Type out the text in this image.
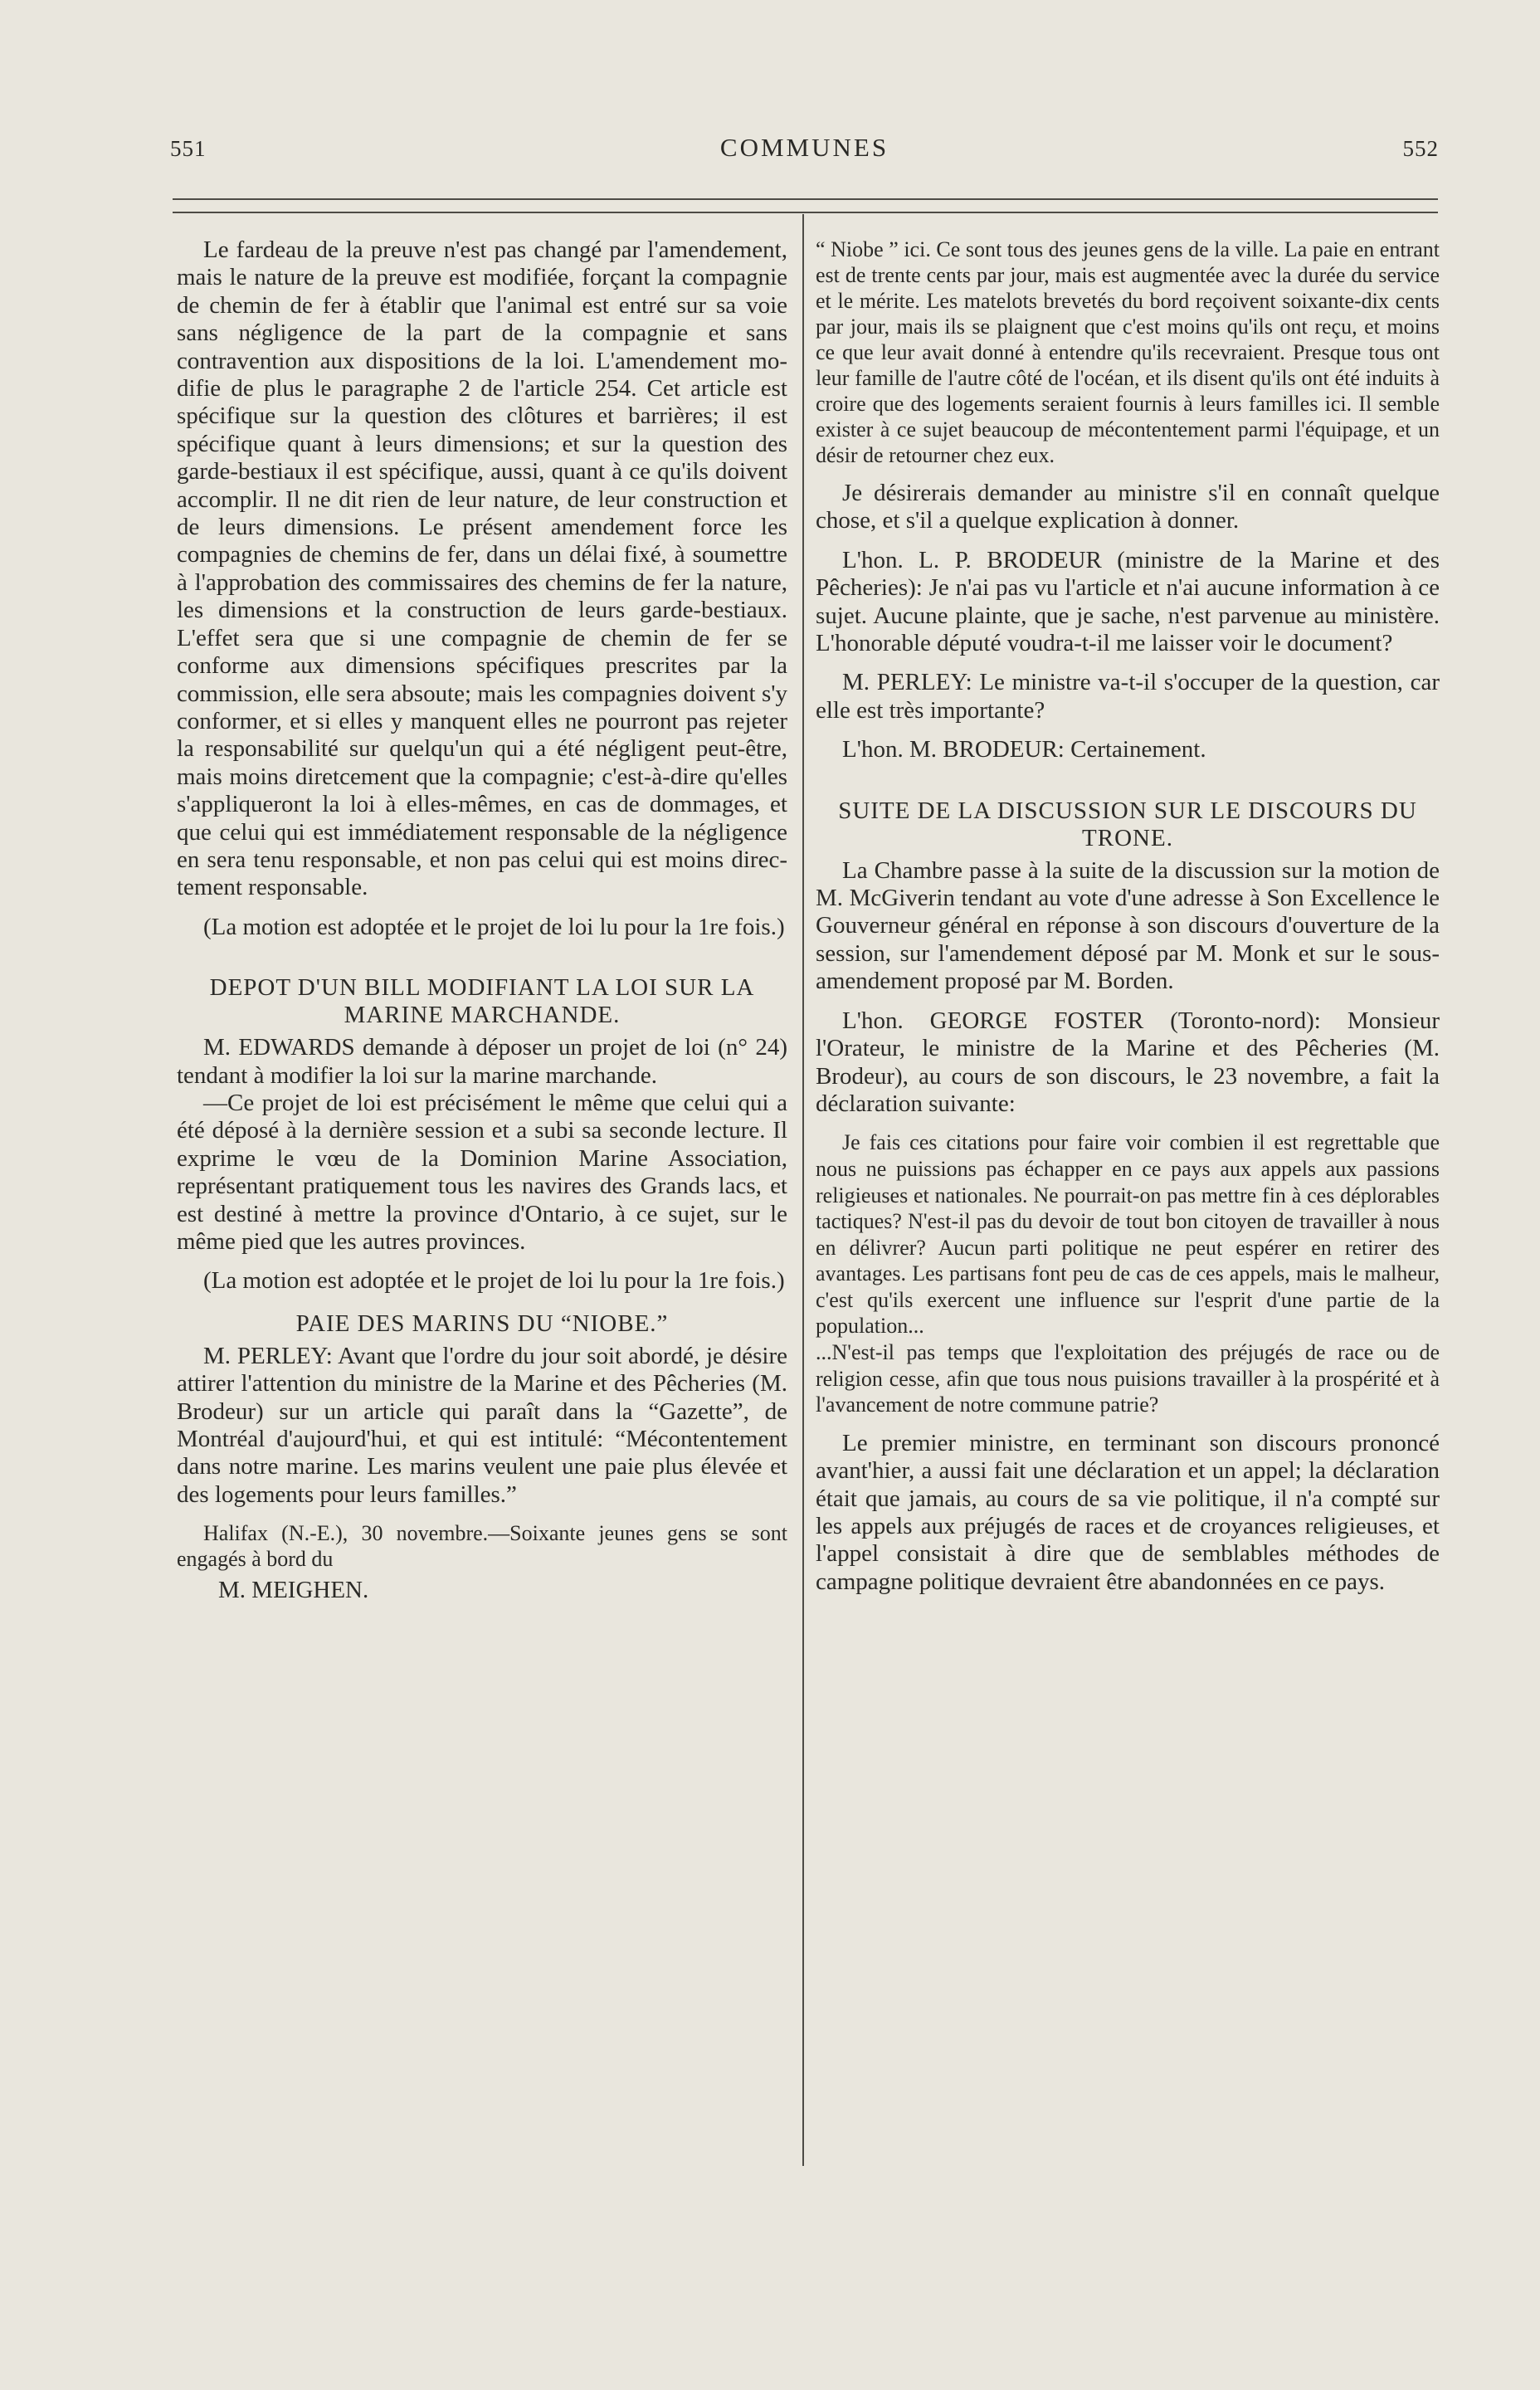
551	COMMUNES	552

Le fardeau de la preuve n'est pas changé par l'amendement, mais le nature de la preuve est modifiée, forçant la compagnie de chemin de fer à établir que l'animal est entré sur sa voie sans négligence de la part de la compagnie et sans contravention aux dispositions de la loi. L'amendement modifie de plus le paragraphe 2 de l'article 254. Cet article est spécifique sur la question des clôtures et barrières; il est spécifique quant à leurs dimensions; et sur la question des garde-bestiaux il est spécifique, aussi, quant à ce qu'ils doivent accomplir. Il ne dit rien de leur nature, de leur construction et de leurs dimensions. Le présent amendement force les compagnies de chemins de fer, dans un délai fixé, à soumettre à l'approbation des commissaires des chemins de fer la nature, les dimensions et la construction de leurs garde-bestiaux. L'effet sera que si une compagnie de chemin de fer se conforme aux dimensions spécifiques prescrites par la commission, elle sera absoute; mais les compagnies doivent s'y conformer, et si elles y manquent elles ne pourront pas rejeter la responsabilité sur quelqu'un qui a été négligent peut-être, mais moins diretcement que la compagnie; c'est-à-dire qu'elles s'appliqueront la loi à elles-mêmes, en cas de dommages, et que celui qui est immédiatement responsable de la négligence en sera tenu responsable, et non pas celui qui est moins directement responsable.

(La motion est adoptée et le projet de loi lu pour la 1re fois.)

DEPOT D'UN BILL MODIFIANT LA LOI SUR LA MARINE MARCHANDE.

M. EDWARDS demande à déposer un projet de loi (n° 24) tendant à modifier la loi sur la marine marchande.

—Ce projet de loi est précisément le même que celui qui a été déposé à la dernière session et a subi sa seconde lecture. Il exprime le vœu de la Dominion Marine Association, représentant pratiquement tous les navires des Grands lacs, et est destiné à mettre la province d'Ontario, à ce sujet, sur le même pied que les autres provinces.

(La motion est adoptée et le projet de loi lu pour la 1re fois.)

PAIE DES MARINS DU “NIOBE.”

M. PERLEY: Avant que l'ordre du jour soit abordé, je désire attirer l'attention du ministre de la Marine et des Pêcheries (M. Brodeur) sur un article qui paraît dans la “Gazette”, de Montréal d'aujourd'hui, et qui est intitulé: “Mécontentement dans notre marine. Les marins veulent une paie plus élevée et des logements pour leurs familles.”

Halifax (N.-E.), 30 novembre.—Soixante jeunes gens se sont engagés à bord du

M. MEIGHEN.

“ Niobe ” ici. Ce sont tous des jeunes gens de la ville. La paie en entrant est de trente cents par jour, mais est augmentée avec la durée du service et le mérite. Les matelots brevetés du bord reçoivent soixante-dix cents par jour, mais ils se plaignent que c'est moins qu'ils ont reçu, et moins ce que leur avait donné à entendre qu'ils recevraient. Presque tous ont leur famille de l'autre côté de l'océan, et ils disent qu'ils ont été induits à croire que des logements seraient fournis à leurs familles ici. Il semble exister à ce sujet beaucoup de mécontentement parmi l'équipage, et un désir de retourner chez eux.

Je désirerais demander au ministre s'il en connaît quelque chose, et s'il a quelque explication à donner.

L'hon. L. P. BRODEUR (ministre de la Marine et des Pêcheries): Je n'ai pas vu l'article et n'ai aucune information à ce sujet. Aucune plainte, que je sache, n'est parvenue au ministère. L'honorable député voudra-t-il me laisser voir le document?

M. PERLEY: Le ministre va-t-il s'occuper de la question, car elle est très importante?

L'hon. M. BRODEUR: Certainement.

SUITE DE LA DISCUSSION SUR LE DISCOURS DU TRONE.

La Chambre passe à la suite de la discussion sur la motion de M. McGiverin tendant au vote d'une adresse à Son Excellence le Gouverneur général en réponse à son discours d'ouverture de la session, sur l'amendement déposé par M. Monk et sur le sous-amendement proposé par M. Borden.

L'hon. GEORGE FOSTER (Toronto-nord): Monsieur l'Orateur, le ministre de la Marine et des Pêcheries (M. Brodeur), au cours de son discours, le 23 novembre, a fait la déclaration suivante:

Je fais ces citations pour faire voir combien il est regrettable que nous ne puissions pas échapper en ce pays aux appels aux passions religieuses et nationales. Ne pourrait-on pas mettre fin à ces déplorables tactiques? N'est-il pas du devoir de tout bon citoyen de travailler à nous en délivrer? Aucun parti politique ne peut espérer en retirer des avantages. Les partisans font peu de cas de ces appels, mais le malheur, c'est qu'ils exercent une influence sur l'esprit d'une partie de la population...

...N'est-il pas temps que l'exploitation des préjugés de race ou de religion cesse, afin que tous nous puisions travailler à la prospérité et à l'avancement de notre commune patrie?

Le premier ministre, en terminant son discours prononcé avant'hier, a aussi fait une déclaration et un appel; la déclaration était que jamais, au cours de sa vie politique, il n'a compté sur les appels aux préjugés de races et de croyances religieuses, et l'appel consistait à dire que de semblables méthodes de campagne politique devraient être abandonnées en ce pays.
